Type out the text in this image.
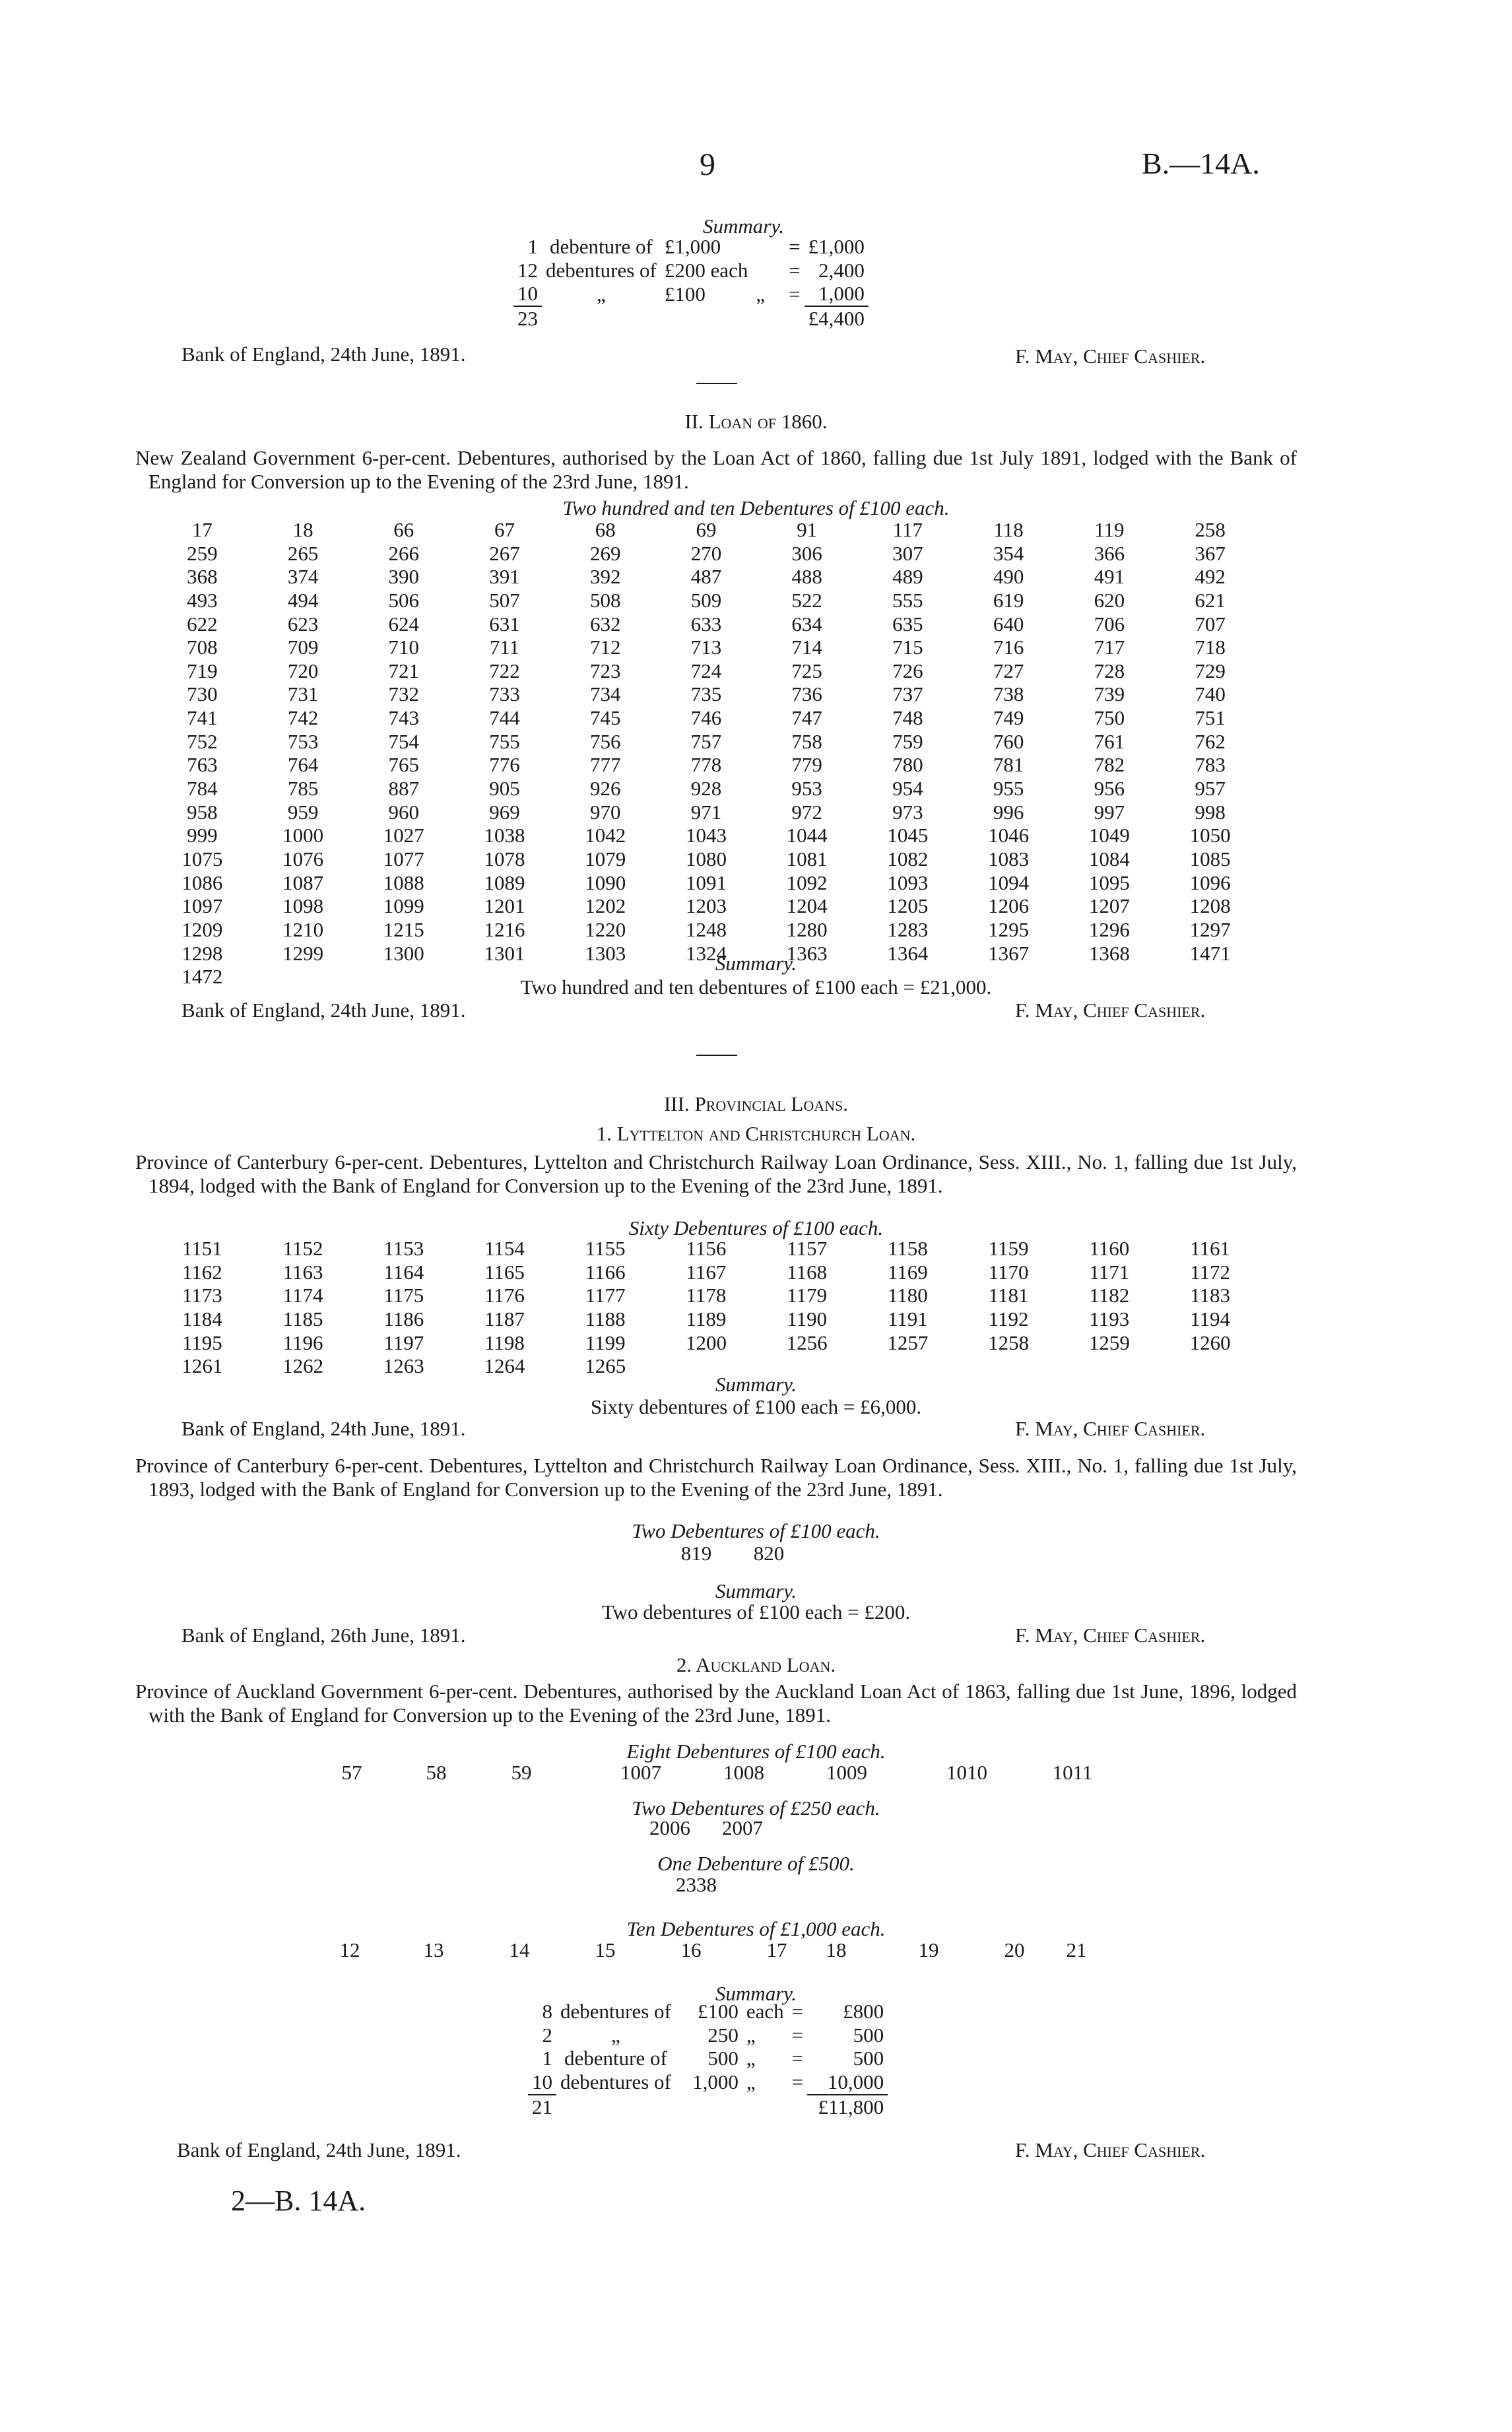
9	B.—14A.
Summary.
1	debenture of	£1,000		=	£1,000
12	debentures of	£200 each		=	2,400
10	„	£100	„	=	1,000
23					£4,400
Bank of England, 24th June, 1891.	F. May, Chief Cashier.
II. Loan of 1860.
New Zealand Government 6-per-cent. Debentures, authorised by the Loan Act of 1860, falling due 1st July 1891, lodged with the Bank of England for Conversion up to the Evening of the 23rd June, 1891.
Two hundred and ten Debentures of £100 each.
17	18	66	67	68	69	91	117	118	119	258
259	265	266	267	269	270	306	307	354	366	367
368	374	390	391	392	487	488	489	490	491	492
493	494	506	507	508	509	522	555	619	620	621
622	623	624	631	632	633	634	635	640	706	707
708	709	710	711	712	713	714	715	716	717	718
719	720	721	722	723	724	725	726	727	728	729
730	731	732	733	734	735	736	737	738	739	740
741	742	743	744	745	746	747	748	749	750	751
752	753	754	755	756	757	758	759	760	761	762
763	764	765	776	777	778	779	780	781	782	783
784	785	887	905	926	928	953	954	955	956	957
958	959	960	969	970	971	972	973	996	997	998
999	1000	1027	1038	1042	1043	1044	1045	1046	1049	1050
1075	1076	1077	1078	1079	1080	1081	1082	1083	1084	1085
1086	1087	1088	1089	1090	1091	1092	1093	1094	1095	1096
1097	1098	1099	1201	1202	1203	1204	1205	1206	1207	1208
1209	1210	1215	1216	1220	1248	1280	1283	1295	1296	1297
1298	1299	1300	1301	1303	1324	1363	1364	1367	1368	1471
1472										
Summary.
Two hundred and ten debentures of £100 each = £21,000.
Bank of England, 24th June, 1891.	F. May, Chief Cashier.
III. Provincial Loans.
1. Lyttelton and Christchurch Loan.
Province of Canterbury 6-per-cent. Debentures, Lyttelton and Christchurch Railway Loan Ordinance, Sess. XIII., No. 1, falling due 1st July, 1894, lodged with the Bank of England for Conversion up to the Evening of the 23rd June, 1891.
Sixty Debentures of £100 each.
1151	1152	1153	1154	1155	1156	1157	1158	1159	1160	1161
1162	1163	1164	1165	1166	1167	1168	1169	1170	1171	1172
1173	1174	1175	1176	1177	1178	1179	1180	1181	1182	1183
1184	1185	1186	1187	1188	1189	1190	1191	1192	1193	1194
1195	1196	1197	1198	1199	1200	1256	1257	1258	1259	1260
1261	1262	1263	1264	1265						
Summary.
Sixty debentures of £100 each = £6,000.
Bank of England, 24th June, 1891.	F. May, Chief Cashier.
Province of Canterbury 6-per-cent. Debentures, Lyttelton and Christchurch Railway Loan Ordinance, Sess. XIII., No. 1, falling due 1st July, 1893, lodged with the Bank of England for Conversion up to the Evening of the 23rd June, 1891.
Two Debentures of £100 each.
819 820
Summary.
Two debentures of £100 each = £200.
Bank of England, 26th June, 1891.	F. May, Chief Cashier.
2. Auckland Loan.
Province of Auckland Government 6-per-cent. Debentures, authorised by the Auckland Loan Act of 1863, falling due 1st June, 1896, lodged with the Bank of England for Conversion up to the Evening of the 23rd June, 1891.
Eight Debentures of £100 each.
57	58	59	1007	1008	1009	1010	1011
Two Debentures of £250 each.
2006	2007
One Debenture of £500.
2338
Ten Debentures of £1,000 each.
12	13	14	15	16	17	18	19	20	21
Summary.
8	debentures of	£100	each	=	£800
2	„	250	„	=	500
1	debenture of	500	„	=	500
10	debentures of	1,000	„	=	10,000
21					£11,800
Bank of England, 24th June, 1891.	F. May, Chief Cashier.
2—B. 14A.
